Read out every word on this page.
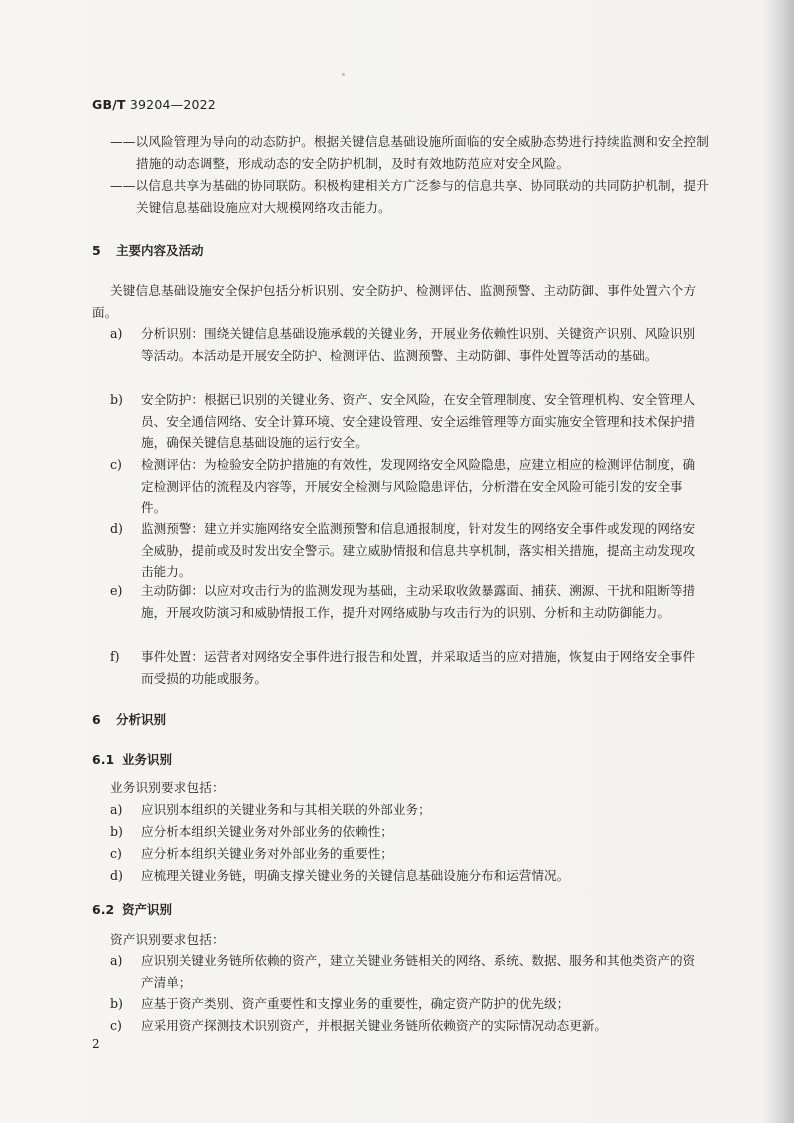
GB/T 39204—2022
——以风险管理为导向的动态防护。根据关键信息基础设施所面临的安全威胁态势进行持续监测和安全控制措施的动态调整，形成动态的安全防护机制，及时有效地防范应对安全风险。
——以信息共享为基础的协同联防。积极构建相关方广泛参与的信息共享、协同联动的共同防护机制，提升关键信息基础设施应对大规模网络攻击能力。
5 主要内容及活动
关键信息基础设施安全保护包括分析识别、安全防护、检测评估、监测预警、主动防御、事件处置六个方面。
a)	分析识别：围绕关键信息基础设施承载的关键业务，开展业务依赖性识别、关键资产识别、风险识别等活动。本活动是开展安全防护、检测评估、监测预警、主动防御、事件处置等活动的基础。
b)	安全防护：根据已识别的关键业务、资产、安全风险，在安全管理制度、安全管理机构、安全管理人员、安全通信网络、安全计算环境、安全建设管理、安全运维管理等方面实施安全管理和技术保护措施，确保关键信息基础设施的运行安全。
c)	检测评估：为检验安全防护措施的有效性，发现网络安全风险隐患，应建立相应的检测评估制度，确定检测评估的流程及内容等，开展安全检测与风险隐患评估，分析潜在安全风险可能引发的安全事件。
d)	监测预警：建立并实施网络安全监测预警和信息通报制度，针对发生的网络安全事件或发现的网络安全威胁，提前或及时发出安全警示。建立威胁情报和信息共享机制，落实相关措施，提高主动发现攻击能力。
e)	主动防御：以应对攻击行为的监测发现为基础，主动采取收敛暴露面、捕获、溯源、干扰和阻断等措施，开展攻防演习和威胁情报工作，提升对网络威胁与攻击行为的识别、分析和主动防御能力。
f)	事件处置：运营者对网络安全事件进行报告和处置，并采取适当的应对措施，恢复由于网络安全事件而受损的功能或服务。
6 分析识别
6.1 业务识别
业务识别要求包括：
a)	应识别本组织的关键业务和与其相关联的外部业务；
b)	应分析本组织关键业务对外部业务的依赖性；
c)	应分析本组织关键业务对外部业务的重要性；
d)	应梳理关键业务链，明确支撑关键业务的关键信息基础设施分布和运营情况。
6.2 资产识别
资产识别要求包括：
a)	应识别关键业务链所依赖的资产，建立关键业务链相关的网络、系统、数据、服务和其他类资产的资产清单；
b)	应基于资产类别、资产重要性和支撑业务的重要性，确定资产防护的优先级；
c)	应采用资产探测技术识别资产，并根据关键业务链所依赖资产的实际情况动态更新。
2
